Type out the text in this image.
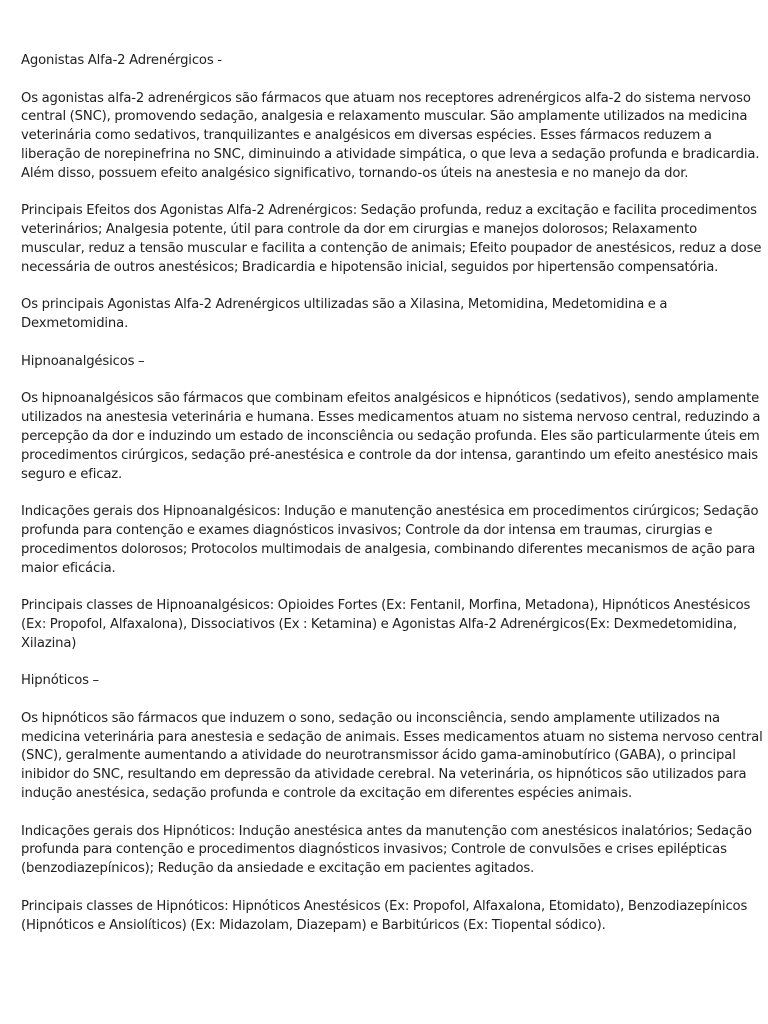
Agonistas Alfa-2 Adrenérgicos -

Os agonistas alfa-2 adrenérgicos são fármacos que atuam nos receptores adrenérgicos alfa-2 do sistema nervoso central (SNC), promovendo sedação, analgesia e relaxamento muscular. São amplamente utilizados na medicina veterinária como sedativos, tranquilizantes e analgésicos em diversas espécies. Esses fármacos reduzem a liberação de norepinefrina no SNC, diminuindo a atividade simpática, o que leva a sedação profunda e bradicardia. Além disso, possuem efeito analgésico significativo, tornando-os úteis na anestesia e no manejo da dor.

Principais Efeitos dos Agonistas Alfa-2 Adrenérgicos: Sedação profunda, reduz a excitação e facilita procedimentos veterinários; Analgesia potente, útil para controle da dor em cirurgias e manejos dolorosos; Relaxamento muscular, reduz a tensão muscular e facilita a contenção de animais; Efeito poupador de anestésicos, reduz a dose necessária de outros anestésicos; Bradicardia e hipotensão inicial, seguidos por hipertensão compensatória.

Os principais Agonistas Alfa-2 Adrenérgicos ultilizadas são a Xilasina, Metomidina, Medetomidina e a Dexmetomidina.

Hipnoanalgésicos –

Os hipnoanalgésicos são fármacos que combinam efeitos analgésicos e hipnóticos (sedativos), sendo amplamente utilizados na anestesia veterinária e humana. Esses medicamentos atuam no sistema nervoso central, reduzindo a percepção da dor e induzindo um estado de inconsciência ou sedação profunda. Eles são particularmente úteis em procedimentos cirúrgicos, sedação pré-anestésica e controle da dor intensa, garantindo um efeito anestésico mais seguro e eficaz.

Indicações gerais dos Hipnoanalgésicos: Indução e manutenção anestésica em procedimentos cirúrgicos; Sedação profunda para contenção e exames diagnósticos invasivos; Controle da dor intensa em traumas, cirurgias e procedimentos dolorosos; Protocolos multimodais de analgesia, combinando diferentes mecanismos de ação para maior eficácia.

Principais classes de Hipnoanalgésicos: Opioides Fortes (Ex: Fentanil, Morfina, Metadona), Hipnóticos Anestésicos (Ex: Propofol, Alfaxalona), Dissociativos (Ex : Ketamina) e Agonistas Alfa-2 Adrenérgicos(Ex: Dexmedetomidina, Xilazina)

Hipnóticos –

Os hipnóticos são fármacos que induzem o sono, sedação ou inconsciência, sendo amplamente utilizados na medicina veterinária para anestesia e sedação de animais. Esses medicamentos atuam no sistema nervoso central (SNC), geralmente aumentando a atividade do neurotransmissor ácido gama-aminobutírico (GABA), o principal inibidor do SNC, resultando em depressão da atividade cerebral. Na veterinária, os hipnóticos são utilizados para indução anestésica, sedação profunda e controle da excitação em diferentes espécies animais.

Indicações gerais dos Hipnóticos: Indução anestésica antes da manutenção com anestésicos inalatórios; Sedação profunda para contenção e procedimentos diagnósticos invasivos; Controle de convulsões e crises epilépticas (benzodiazepínicos); Redução da ansiedade e excitação em pacientes agitados.

Principais classes de Hipnóticos: Hipnóticos Anestésicos (Ex: Propofol, Alfaxalona, Etomidato), Benzodiazepínicos (Hipnóticos e Ansiolíticos) (Ex: Midazolam, Diazepam) e Barbitúricos (Ex: Tiopental sódico).
